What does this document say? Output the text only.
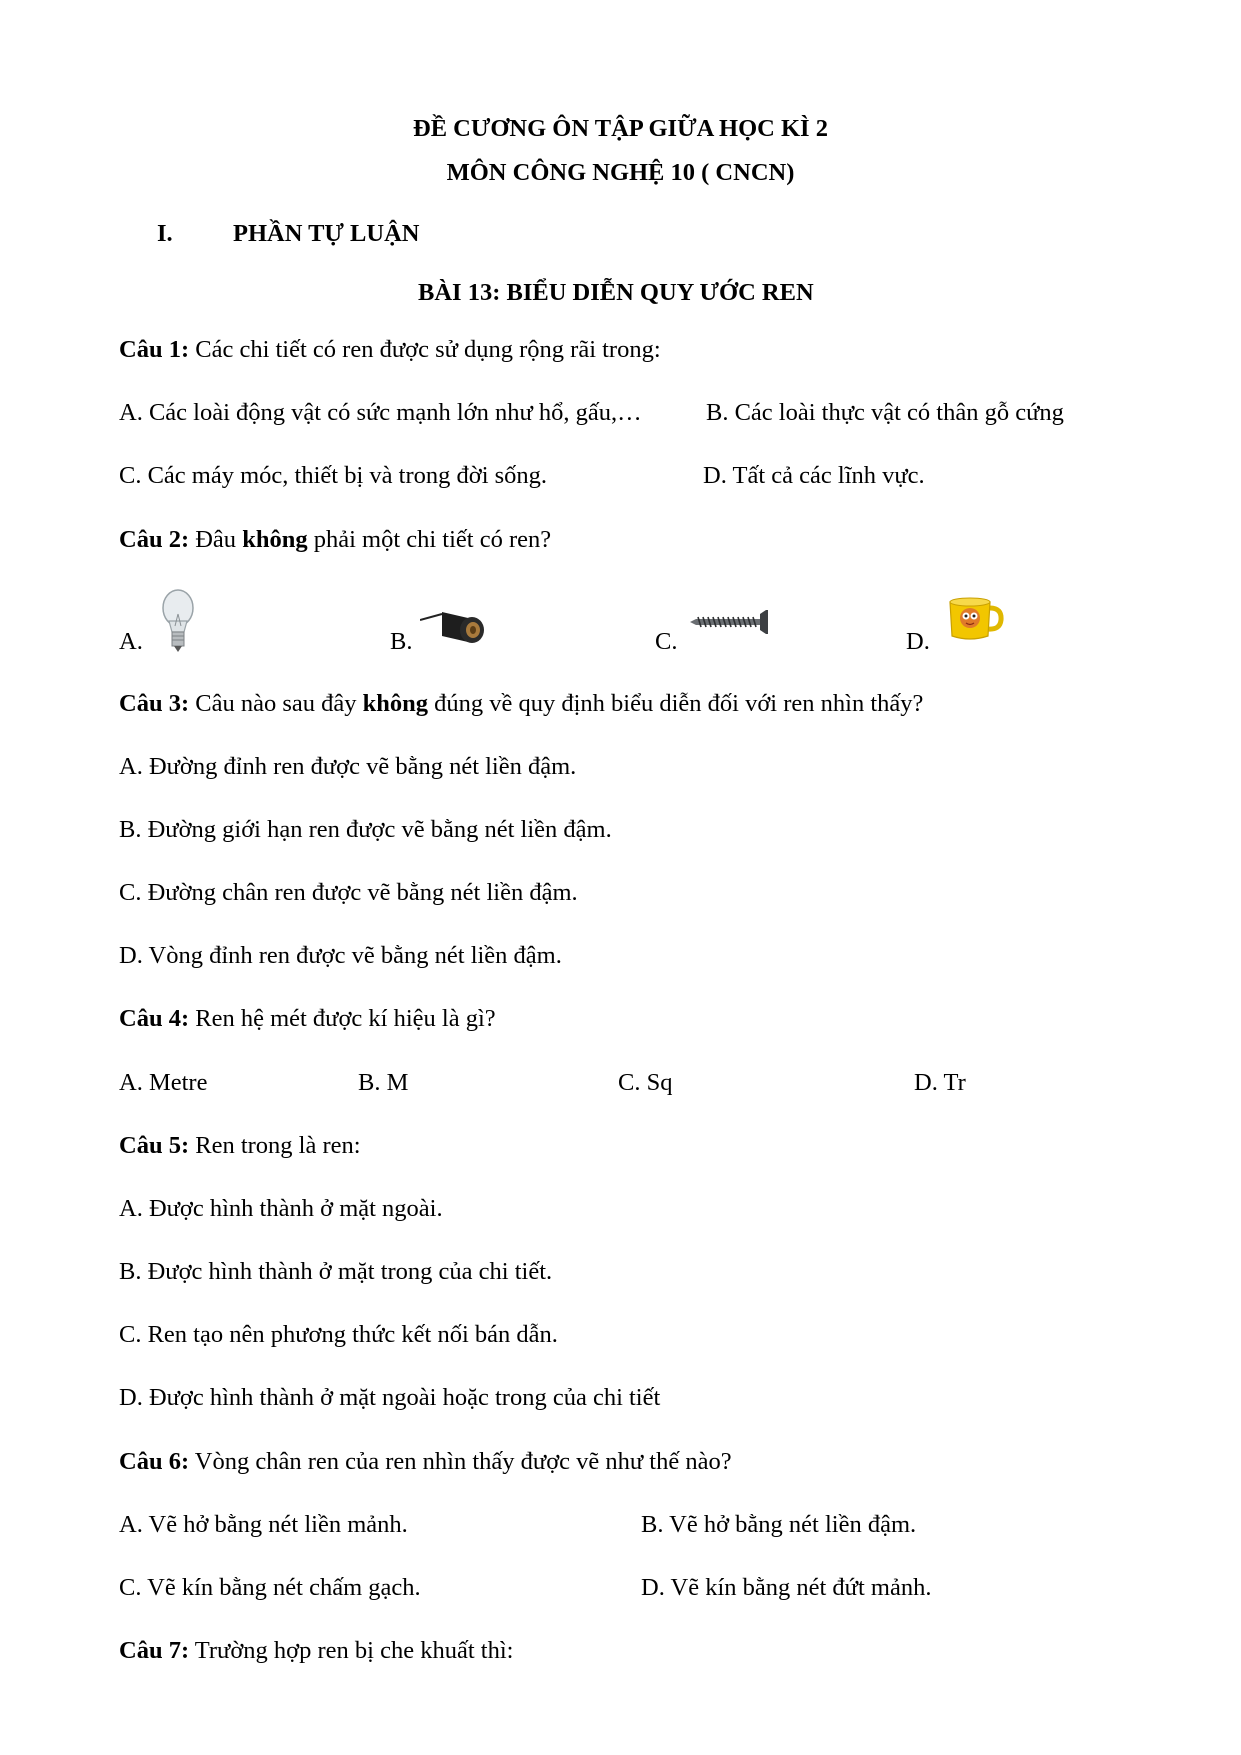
ĐỀ CƯƠNG ÔN TẬP GIỮA HỌC KÌ 2
MÔN CÔNG NGHỆ 10 ( CNCN)
I. PHẦN TỰ LUẬN
BÀI 13: BIỂU DIỄN QUY ƯỚC REN
Câu 1: Các chi tiết có ren được sử dụng rộng rãi trong:
A. Các loài động vật có sức mạnh lớn như hổ, gấu,…	B. Các loài thực vật có thân gỗ cứng
C. Các máy móc, thiết bị và trong đời sống.	D. Tất cả các lĩnh vực.
Câu 2: Đâu không phải một chi tiết có ren?
A.	B.	C.	D.
Câu 3: Câu nào sau đây không đúng về quy định biểu diễn đối với ren nhìn thấy?
A. Đường đỉnh ren được vẽ bằng nét liền đậm.
B. Đường giới hạn ren được vẽ bằng nét liền đậm.
C. Đường chân ren được vẽ bằng nét liền đậm.
D. Vòng đỉnh ren được vẽ bằng nét liền đậm.
Câu 4: Ren hệ mét được kí hiệu là gì?
A. Metre	B. M	C. Sq	D. Tr
Câu 5: Ren trong là ren:
A. Được hình thành ở mặt ngoài.
B. Được hình thành ở mặt trong của chi tiết.
C. Ren tạo nên phương thức kết nối bán dẫn.
D. Được hình thành ở mặt ngoài hoặc trong của chi tiết
Câu 6: Vòng chân ren của ren nhìn thấy được vẽ như thế nào?
A. Vẽ hở bằng nét liền mảnh.	B. Vẽ hở bằng nét liền đậm.
C. Vẽ kín bằng nét chấm gạch.	D. Vẽ kín bằng nét đứt mảnh.
Câu 7: Trường hợp ren bị che khuất thì:
